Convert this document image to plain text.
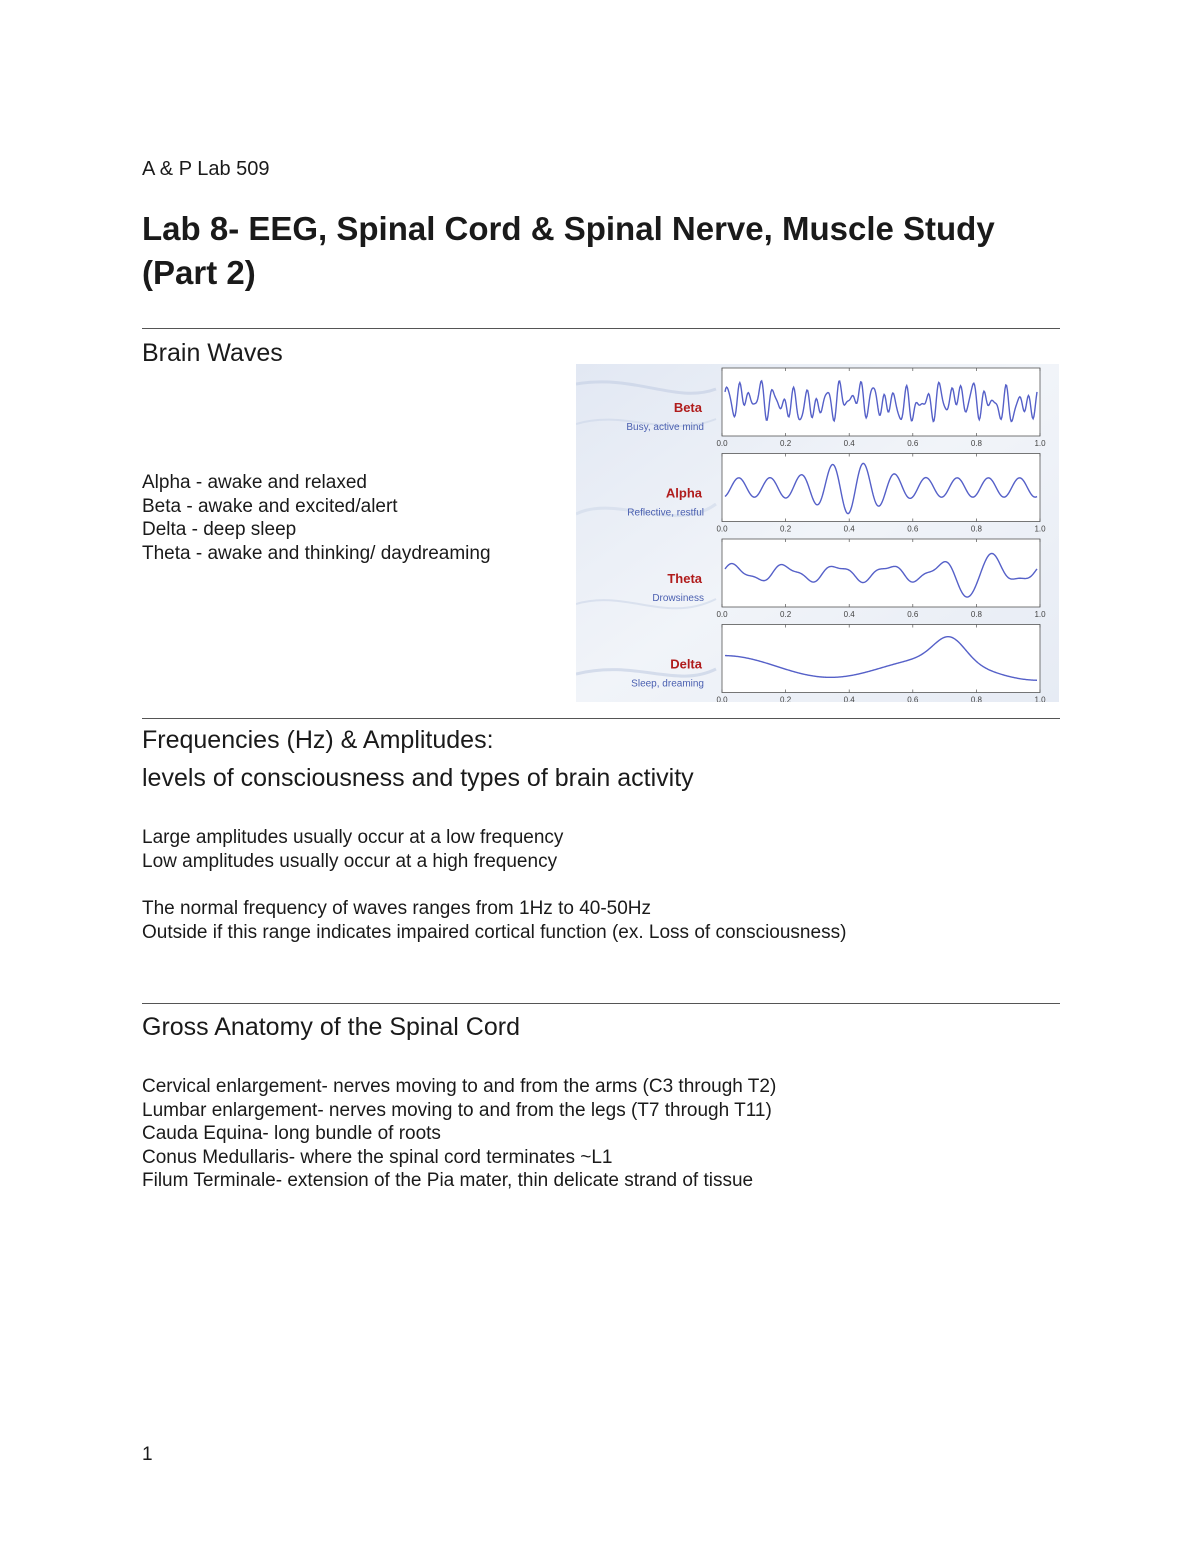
A & P Lab 509
Lab 8- EEG, Spinal Cord & Spinal Nerve, Muscle Study (Part 2)
Brain Waves
Alpha - awake and relaxed
Beta - awake and excited/alert
Delta - deep sleep
Theta - awake and thinking/ daydreaming
Beta
Busy, active mind
0.0	0.2	0.4	0.6	0.8	1.0
Alpha
Reflective, restful
0.0	0.2	0.4	0.6	0.8	1.0
Theta
Drowsiness
0.0	0.2	0.4	0.6	0.8	1.0
Delta
Sleep, dreaming
0.0	0.2	0.4	0.6	0.8	1.0
Frequencies (Hz) & Amplitudes:
levels of consciousness and types of brain activity
Large amplitudes usually occur at a low frequency
Low amplitudes usually occur at a high frequency
The normal frequency of waves ranges from 1Hz to 40-50Hz
Outside if this range indicates impaired cortical function (ex. Loss of consciousness)
Gross Anatomy of the Spinal Cord
Cervical enlargement- nerves moving to and from the arms (C3 through T2)
Lumbar enlargement- nerves moving to and from the legs (T7 through T11)
Cauda Equina- long bundle of roots
Conus Medullaris- where the spinal cord terminates ~L1
Filum Terminale- extension of the Pia mater, thin delicate strand of tissue
1
